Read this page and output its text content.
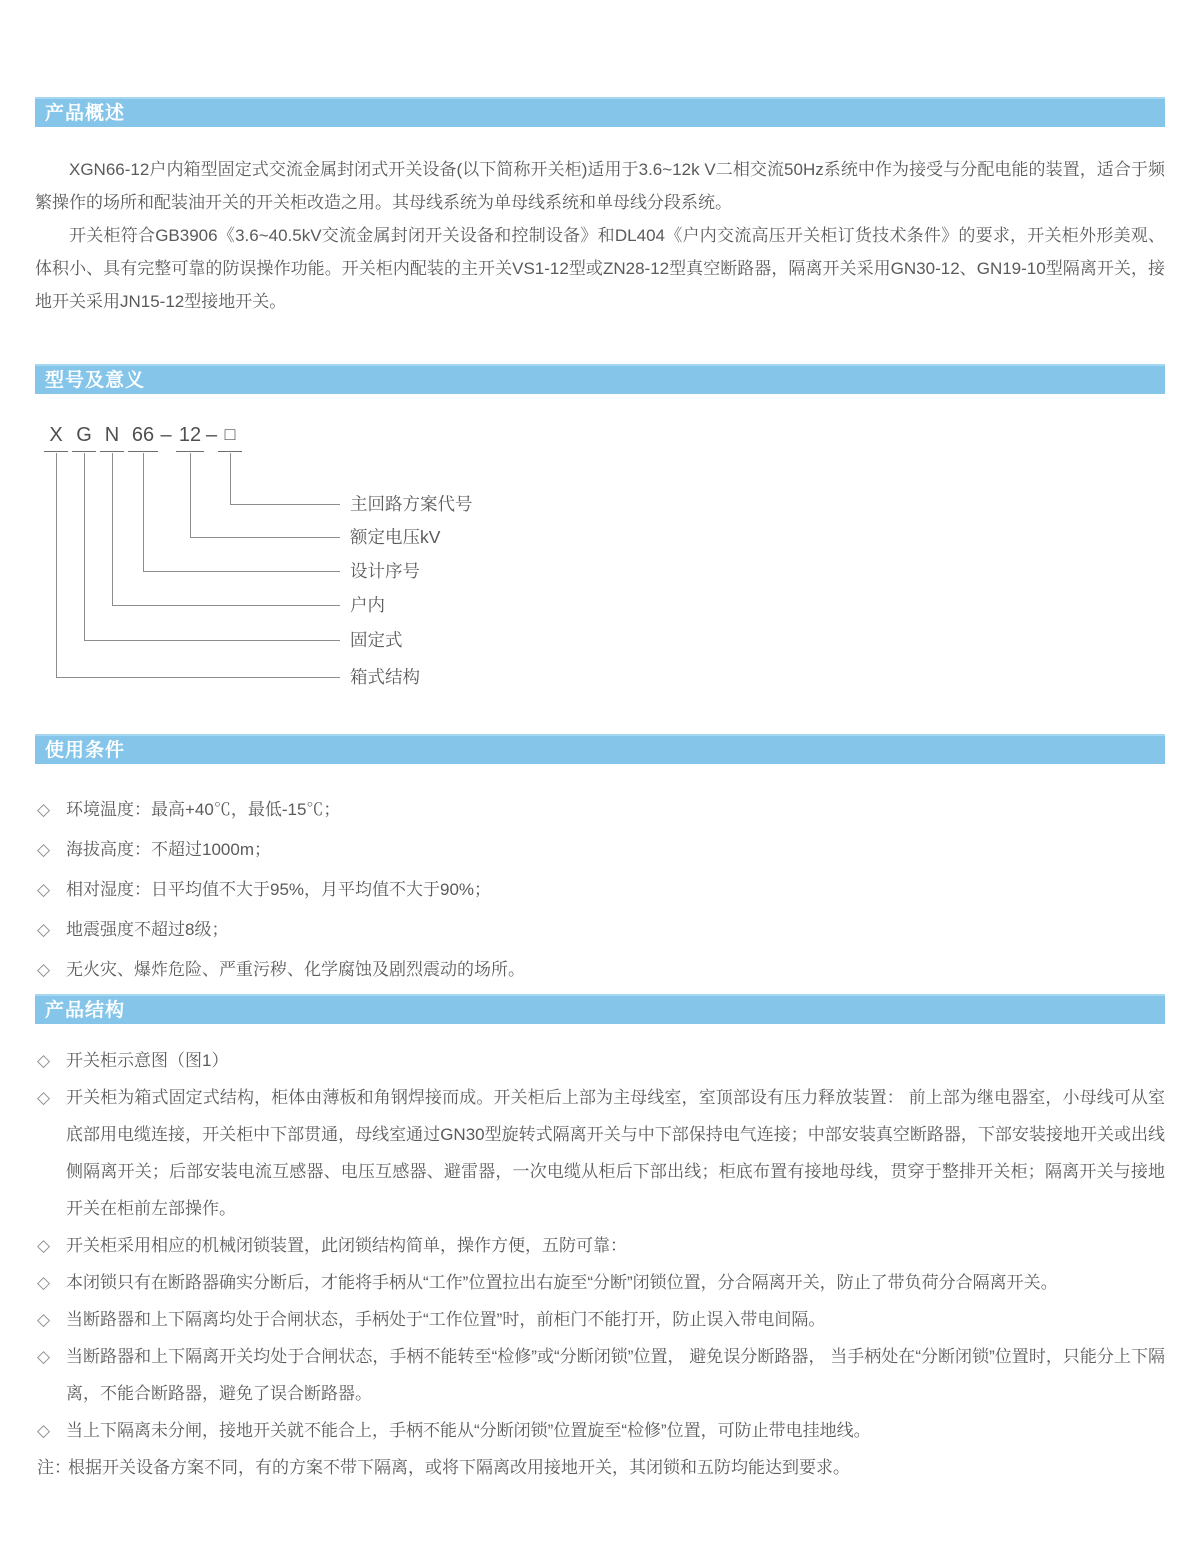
产品概述

XGN66-12户内箱型固定式交流金属封闭式开关设备(以下简称开关柜)适用于3.6~12k V二相交流50Hz系统中作为接受与分配电能的装置，适合于频繁操作的场所和配装油开关的开关柜改造之用。其母线系统为单母线系统和单母线分段系统。

开关柜符合GB3906《3.6~40.5kV交流金属封闭开关设备和控制设备》和DL404《户内交流高压开关柜订货技术条件》的要求，开关柜外形美观、体积小、具有完整可靠的防误操作功能。开关柜内配装的主开关VS1-12型或ZN28-12型真空断路器，隔离开关采用GN30-12、GN19-10型隔离开关，接地开关采用JN15-12型接地开关。

型号及意义
X G N 66 – 12 – □
主回路方案代号
额定电压kV
设计序号
户内
固定式
箱式结构
使用条件
◇ 环境温度：最高+40℃，最低-15℃；
◇ 海拔高度：不超过1000m；
◇ 相对湿度：日平均值不大于95%，月平均值不大于90%；
◇ 地震强度不超过8级；
◇ 无火灾、爆炸危险、严重污秽、化学腐蚀及剧烈震动的场所。
产品结构
◇ 开关柜示意图（图1）
◇ 开关柜为箱式固定式结构，柜体由薄板和角钢焊接而成。开关柜后上部为主母线室，室顶部设有压力释放装置： 前上部为继电器室，小母线可从室底部用电缆连接，开关柜中下部贯通，母线室通过GN30型旋转式隔离开关与中下部保持电气连接；中部安装真空断路器，下部安装接地开关或出线侧隔离开关；后部安装电流互感器、电压互感器、避雷器，一次电缆从柜后下部出线；柜底布置有接地母线，贯穿于整排开关柜；隔离开关与接地开关在柜前左部操作。
◇ 开关柜采用相应的机械闭锁装置，此闭锁结构简单，操作方便，五防可靠：
◇ 本闭锁只有在断路器确实分断后，才能将手柄从“工作”位置拉出右旋至“分断”闭锁位置，分合隔离开关，防止了带负荷分合隔离开关。
◇ 当断路器和上下隔离均处于合闸状态，手柄处于“工作位置”时，前柜门不能打开，防止误入带电间隔。
◇ 当断路器和上下隔离开关均处于合闸状态，手柄不能转至“检修”或“分断闭锁”位置， 避免误分断路器， 当手柄处在“分断闭锁”位置时，只能分上下隔离，不能合断路器，避免了误合断路器。
◇ 当上下隔离未分闸，接地开关就不能合上，手柄不能从“分断闭锁”位置旋至“检修”位置，可防止带电挂地线。
注：
根据开关设备方案不同，有的方案不带下隔离，或将下隔离改用接地开关，其闭锁和五防均能达到要求。
